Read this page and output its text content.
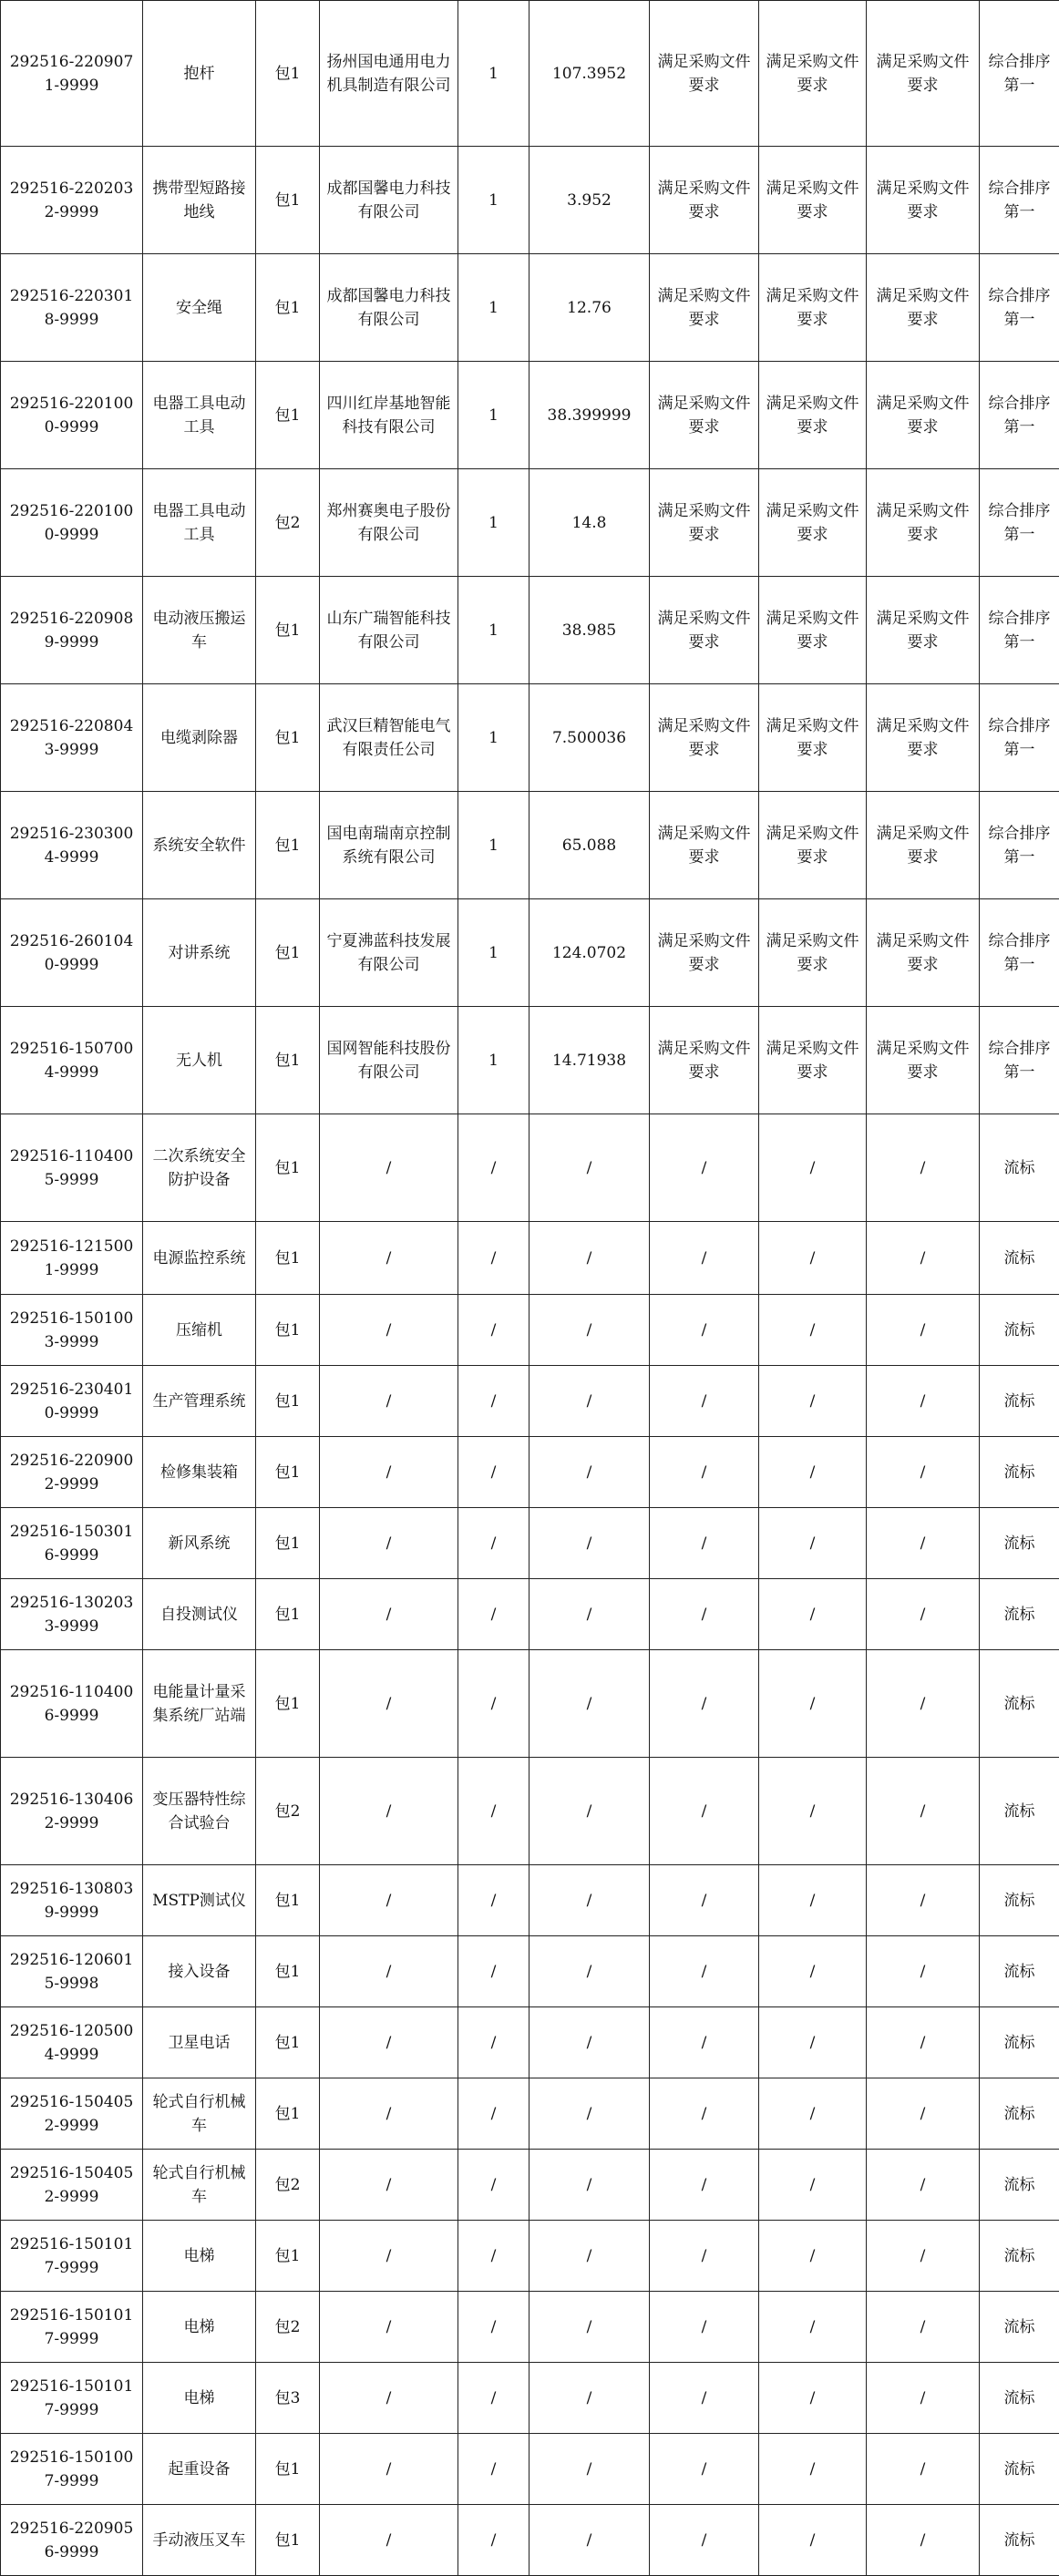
292516-2209071-9999	抱杆	包1	扬州国电通用电力机具制造有限公司	1	107.3952	满足采购文件要求	满足采购文件要求	满足采购文件要求	综合排序第一
292516-2202032-9999	携带型短路接地线	包1	成都国馨电力科技有限公司	1	3.952	满足采购文件要求	满足采购文件要求	满足采购文件要求	综合排序第一
292516-2203018-9999	安全绳	包1	成都国馨电力科技有限公司	1	12.76	满足采购文件要求	满足采购文件要求	满足采购文件要求	综合排序第一
292516-2201000-9999	电器工具电动工具	包1	四川红岸基地智能科技有限公司	1	38.399999	满足采购文件要求	满足采购文件要求	满足采购文件要求	综合排序第一
292516-2201000-9999	电器工具电动工具	包2	郑州赛奥电子股份有限公司	1	14.8	满足采购文件要求	满足采购文件要求	满足采购文件要求	综合排序第一
292516-2209089-9999	电动液压搬运车	包1	山东广瑞智能科技有限公司	1	38.985	满足采购文件要求	满足采购文件要求	满足采购文件要求	综合排序第一
292516-2208043-9999	电缆剥除器	包1	武汉巨精智能电气有限责任公司	1	7.500036	满足采购文件要求	满足采购文件要求	满足采购文件要求	综合排序第一
292516-2303004-9999	系统安全软件	包1	国电南瑞南京控制系统有限公司	1	65.088	满足采购文件要求	满足采购文件要求	满足采购文件要求	综合排序第一
292516-2601040-9999	对讲系统	包1	宁夏沸蓝科技发展有限公司	1	124.0702	满足采购文件要求	满足采购文件要求	满足采购文件要求	综合排序第一
292516-1507004-9999	无人机	包1	国网智能科技股份有限公司	1	14.71938	满足采购文件要求	满足采购文件要求	满足采购文件要求	综合排序第一
292516-1104005-9999	二次系统安全防护设备	包1	/	/	/	/	/	/	流标
292516-1215001-9999	电源监控系统	包1	/	/	/	/	/	/	流标
292516-1501003-9999	压缩机	包1	/	/	/	/	/	/	流标
292516-2304010-9999	生产管理系统	包1	/	/	/	/	/	/	流标
292516-2209002-9999	检修集装箱	包1	/	/	/	/	/	/	流标
292516-1503016-9999	新风系统	包1	/	/	/	/	/	/	流标
292516-1302033-9999	自投测试仪	包1	/	/	/	/	/	/	流标
292516-1104006-9999	电能量计量采集系统厂站端	包1	/	/	/	/	/	/	流标
292516-1304062-9999	变压器特性综合试验台	包2	/	/	/	/	/	/	流标
292516-1308039-9999	MSTP测试仪	包1	/	/	/	/	/	/	流标
292516-1206015-9998	接入设备	包1	/	/	/	/	/	/	流标
292516-1205004-9999	卫星电话	包1	/	/	/	/	/	/	流标
292516-1504052-9999	轮式自行机械车	包1	/	/	/	/	/	/	流标
292516-1504052-9999	轮式自行机械车	包2	/	/	/	/	/	/	流标
292516-1501017-9999	电梯	包1	/	/	/	/	/	/	流标
292516-1501017-9999	电梯	包2	/	/	/	/	/	/	流标
292516-1501017-9999	电梯	包3	/	/	/	/	/	/	流标
292516-1501007-9999	起重设备	包1	/	/	/	/	/	/	流标
292516-2209056-9999	手动液压叉车	包1	/	/	/	/	/	/	流标
